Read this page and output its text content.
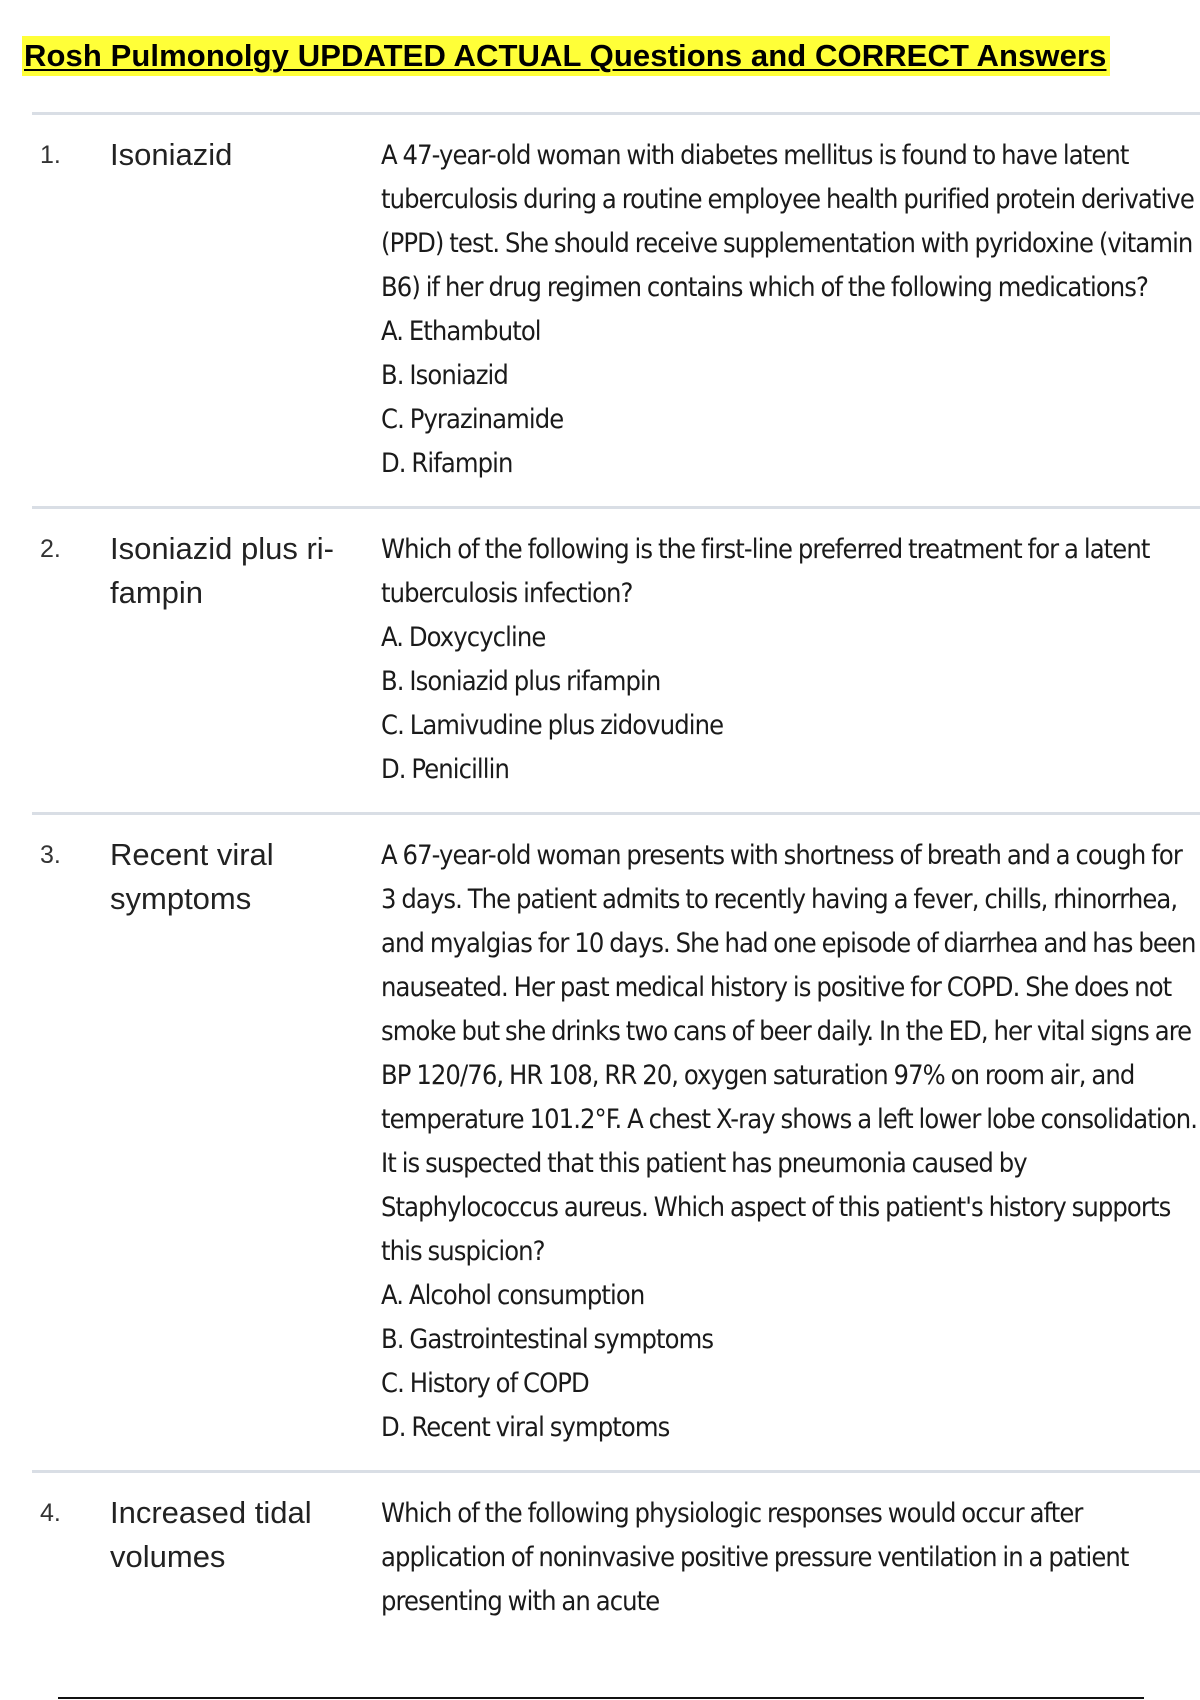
Rosh Pulmonolgy UPDATED ACTUAL Questions and CORRECT Answers
1. Isoniazid	A 47-year-old woman with diabetes mellitus is found to have latent tuberculosis during a routine employee health purified protein derivative (PPD) test. She should receive supplementation with pyridoxine (vitamin B6) if her drug regimen contains which of the following medications?

A. Ethambutol
B. Isoniazid
C. Pyrazinamide
D. Rifampin
2. Isoniazid plus ri- fampin

Which of the following is the first-line preferred treatment for a latent tuberculosis infection?

A. Doxycycline
B. Isoniazid plus rifampin
C. Lamivudine plus zidovudine
D. Penicillin
3. Recent viral symptoms

A 67-year-old woman presents with shortness of breath and a cough for 3 days. The patient admits to recently having a fever, chills, rhinorrhea, and myalgias for 10 days. She had one episode of diarrhea and has been nauseated. Her past medical history is positive for COPD. She does not smoke but she drinks two cans of beer daily. In the ED, her vital signs are BP 120/76, HR 108, RR 20, oxygen saturation 97% on room air, and temperature 101.2°F. A chest X-ray shows a left lower lobe consolidation. It is suspected that this patient has pneumonia caused by Staphylococcus aureus. Which aspect of this patient's history supports this suspicion?

A. Alcohol consumption
B. Gastrointestinal symptoms
C. History of COPD
D. Recent viral symptoms
4. Increased tidal volumes

Which of the following physiologic responses would occur after application of noninvasive positive pressure ventilation in a patient presenting with an acute
